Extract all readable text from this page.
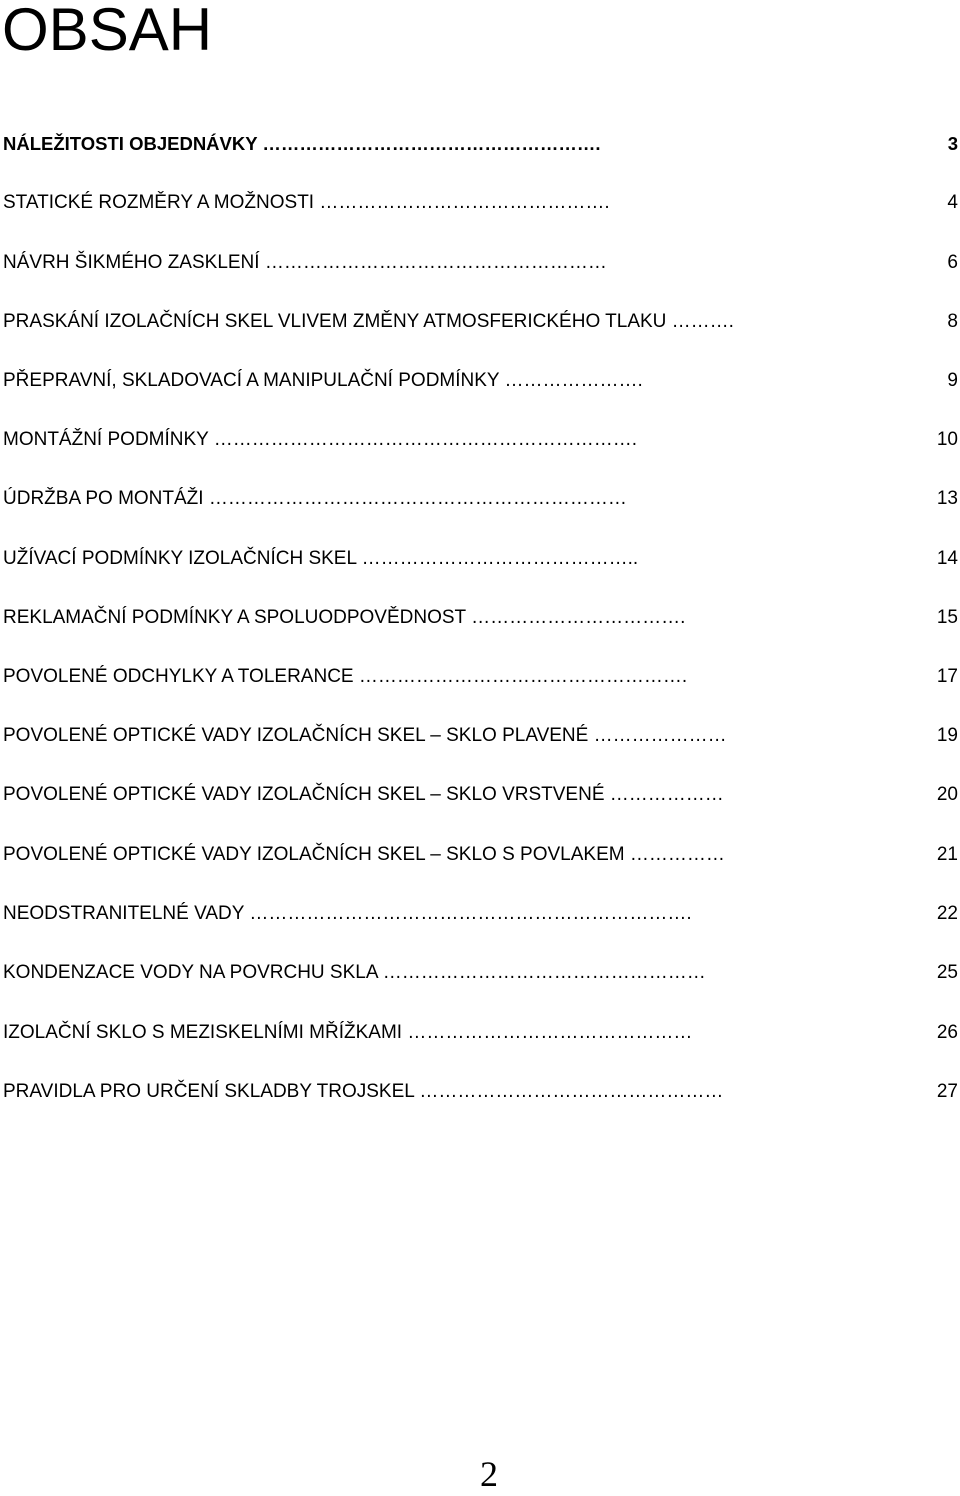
OBSAH
NÁLEŽITOSTI OBJEDNÁVKY ……………………………………………….	3
STATICKÉ ROZMĚRY A MOŽNOSTI ……………………………………….	4
NÁVRH ŠIKMÉHO ZASKLENÍ ………………………………………………	6
PRASKÁNÍ IZOLAČNÍCH SKEL VLIVEM ZMĚNY ATMOSFERICKÉHO TLAKU ……….	8
PŘEPRAVNÍ, SKLADOVACÍ A MANIPULAČNÍ PODMÍNKY ………………….	9
MONTÁŽNÍ PODMÍNKY ………………………………………………………….	10
ÚDRŽBA PO MONTÁŽI …………………………………………………………	13
UŽÍVACÍ PODMÍNKY IZOLAČNÍCH SKEL ……………………………………..	14
REKLAMAČNÍ PODMÍNKY A SPOLUODPOVĚDNOST …………………………….	15
POVOLENÉ ODCHYLKY A TOLERANCE …………………………………………….	17
POVOLENÉ OPTICKÉ VADY IZOLAČNÍCH SKEL – SKLO PLAVENÉ …………………	19
POVOLENÉ OPTICKÉ VADY IZOLAČNÍCH SKEL – SKLO VRSTVENÉ ………………	20
POVOLENÉ OPTICKÉ VADY IZOLAČNÍCH SKEL – SKLO S POVLAKEM ……………	21
NEODSTRANITELNÉ VADY …………………………………………………………….	22
KONDENZACE VODY NA POVRCHU SKLA ……………………………………………	25
IZOLAČNÍ SKLO S MEZISKELNÍMI MŘÍŽKAMI ………………………………………	26
PRAVIDLA PRO URČENÍ SKLADBY TROJSKEL …………………………………………	27
2
